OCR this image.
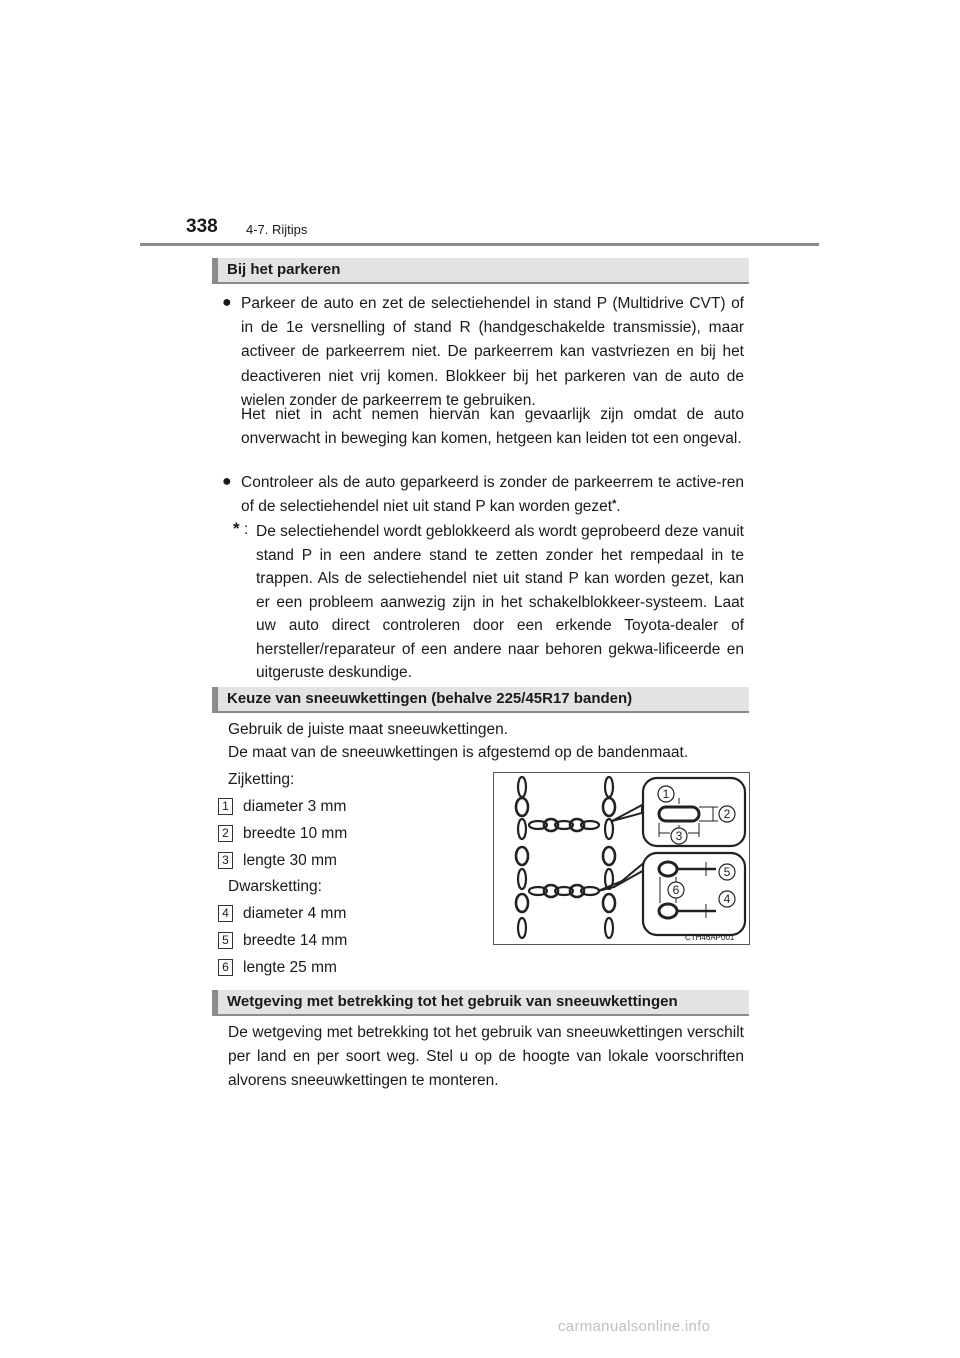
338 4-7. Rijtips
Bij het parkeren
● Parkeer de auto en zet de selectiehendel in stand P (Multidrive CVT) of in de 1e versnelling of stand R (handgeschakelde transmissie), maar activeer de parkeerrem niet. De parkeerrem kan vastvriezen en bij het deactiveren niet vrij komen. Blokkeer bij het parkeren van de auto de wielen zonder de parkeerrem te gebruiken.
Het niet in acht nemen hiervan kan gevaarlijk zijn omdat de auto onverwacht in beweging kan komen, hetgeen kan leiden tot een ongeval.
● Controleer als de auto geparkeerd is zonder de parkeerrem te active-ren of de selectiehendel niet uit stand P kan worden gezet*.
* : De selectiehendel wordt geblokkeerd als wordt geprobeerd deze vanuit stand P in een andere stand te zetten zonder het rempedaal in te trappen. Als de selectiehendel niet uit stand P kan worden gezet, kan er een probleem aanwezig zijn in het schakelblokkeer-systeem. Laat uw auto direct controleren door een erkende Toyota-dealer of hersteller/reparateur of een andere naar behoren gekwa-lificeerde en uitgeruste deskundige.
Keuze van sneeuwkettingen (behalve 225/45R17 banden)
Gebruik de juiste maat sneeuwkettingen.
De maat van de sneeuwkettingen is afgestemd op de bandenmaat.
Zijketting:
1 diameter 3 mm
2 breedte 10 mm
3 lengte 30 mm
Dwarsketting:
4 diameter 4 mm
5 breedte 14 mm
6 lengte 25 mm
1
2
3
5
6
4
CTH46AP001
Wetgeving met betrekking tot het gebruik van sneeuwkettingen
De wetgeving met betrekking tot het gebruik van sneeuwkettingen verschilt per land en per soort weg. Stel u op de hoogte van lokale voorschriften alvorens sneeuwkettingen te monteren.
carmanualsonline.info
